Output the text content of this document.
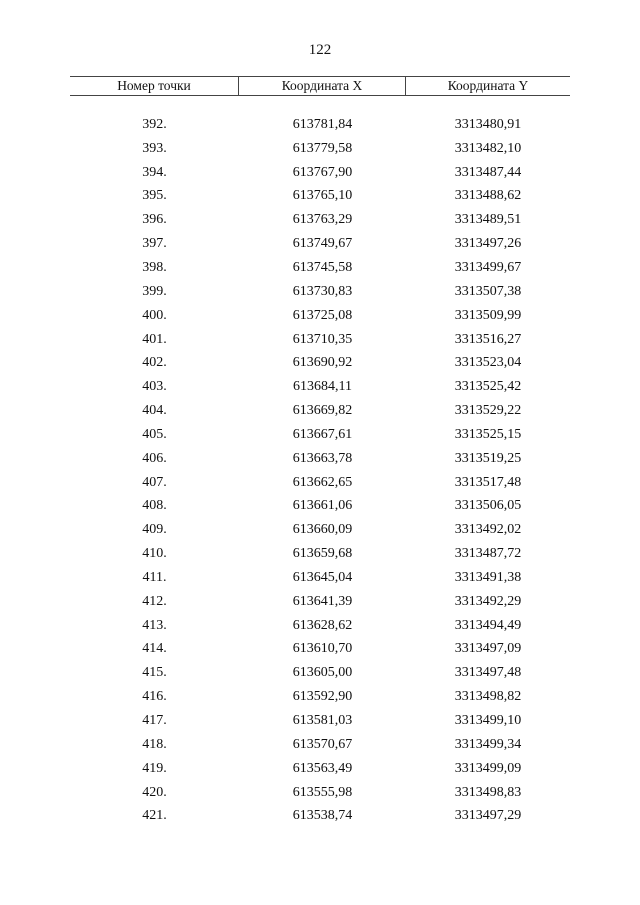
122
Номер точки	Координата X	Координата Y
392.	613781,84	3313480,91
393.	613779,58	3313482,10
394.	613767,90	3313487,44
395.	613765,10	3313488,62
396.	613763,29	3313489,51
397.	613749,67	3313497,26
398.	613745,58	3313499,67
399.	613730,83	3313507,38
400.	613725,08	3313509,99
401.	613710,35	3313516,27
402.	613690,92	3313523,04
403.	613684,11	3313525,42
404.	613669,82	3313529,22
405.	613667,61	3313525,15
406.	613663,78	3313519,25
407.	613662,65	3313517,48
408.	613661,06	3313506,05
409.	613660,09	3313492,02
410.	613659,68	3313487,72
411.	613645,04	3313491,38
412.	613641,39	3313492,29
413.	613628,62	3313494,49
414.	613610,70	3313497,09
415.	613605,00	3313497,48
416.	613592,90	3313498,82
417.	613581,03	3313499,10
418.	613570,67	3313499,34
419.	613563,49	3313499,09
420.	613555,98	3313498,83
421.	613538,74	3313497,29
